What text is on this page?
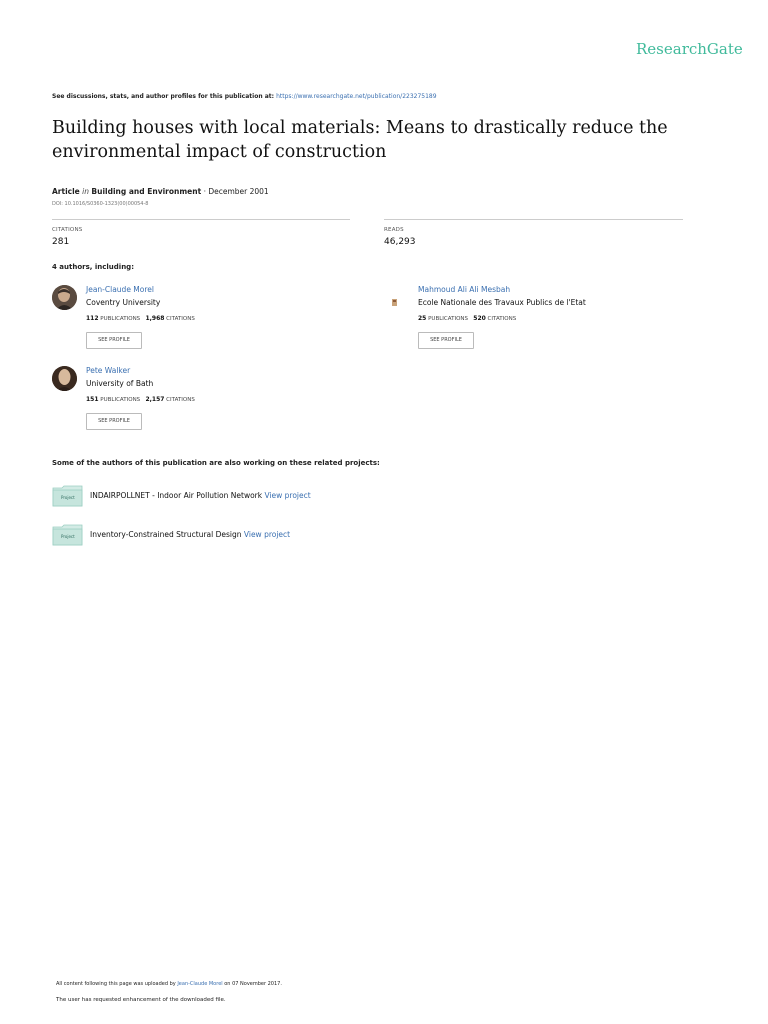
ResearchGate
See discussions, stats, and author profiles for this publication at: https://www.researchgate.net/publication/223275189
Building houses with local materials: Means to drastically reduce the environmental impact of construction
Article in Building and Environment · December 2001
DOI: 10.1016/S0360-1323(00)00054-8
CITATIONS
281
READS
46,293
4 authors, including:
Jean-Claude Morel
Coventry University
112 PUBLICATIONS 1,968 CITATIONS
SEE PROFILE
Mahmoud Ali Ali Mesbah
Ecole Nationale des Travaux Publics de l'Etat
25 PUBLICATIONS 520 CITATIONS
SEE PROFILE
Pete Walker
University of Bath
151 PUBLICATIONS 2,157 CITATIONS
SEE PROFILE
Some of the authors of this publication are also working on these related projects:
Project INDAIRPOLLNET - Indoor Air Pollution Network View project
Project Inventory-Constrained Structural Design View project
All content following this page was uploaded by Jean-Claude Morel on 07 November 2017.
The user has requested enhancement of the downloaded file.
